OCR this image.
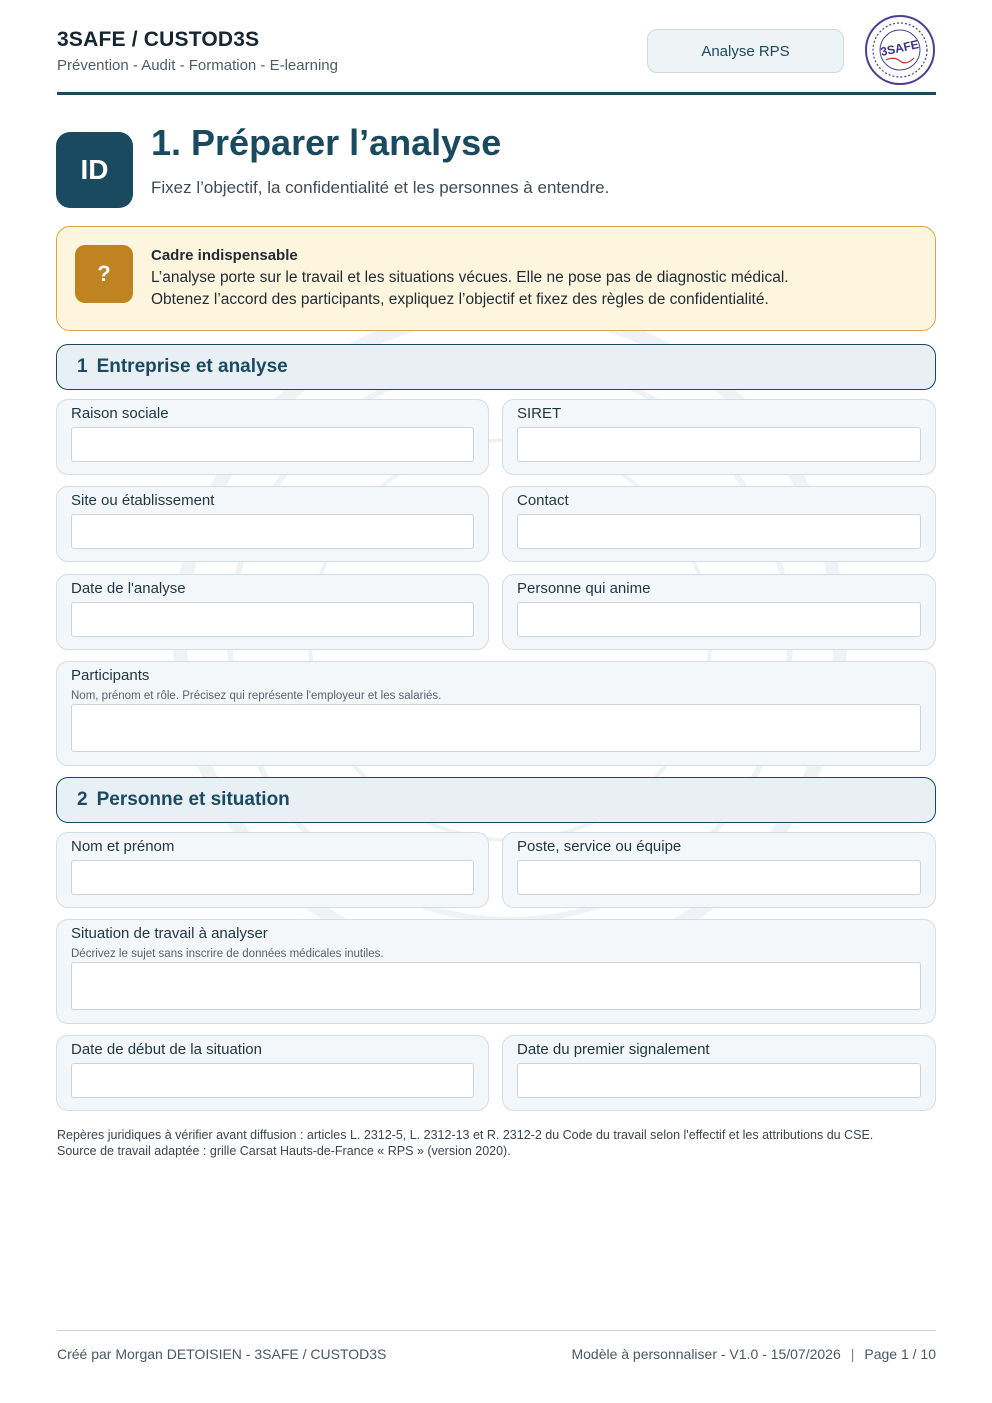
3SAFE / CUSTOD3S
Prévention - Audit - Formation - E-learning
Analyse RPS	3SAFE
ID
1. Préparer l’analyse
Fixez l’objectif, la confidentialité et les personnes à entendre.
?
Cadre indispensable
L’analyse porte sur le travail et les situations vécues. Elle ne pose pas de diagnostic médical.
Obtenez l’accord des participants, expliquez l’objectif et fixez des règles de confidentialité.
1 Entreprise et analyse
Raison sociale	SIRET
Site ou établissement	Contact
Date de l'analyse	Personne qui anime
Participants
Nom, prénom et rôle. Précisez qui représente l'employeur et les salariés.
2 Personne et situation
Nom et prénom	Poste, service ou équipe
Situation de travail à analyser
Décrivez le sujet sans inscrire de données médicales inutiles.
Date de début de la situation	Date du premier signalement
Repères juridiques à vérifier avant diffusion : articles L. 2312-5, L. 2312-13 et R. 2312-2 du Code du travail selon l'effectif et les attributions du CSE.
Source de travail adaptée : grille Carsat Hauts-de-France « RPS » (version 2020).
Créé par Morgan DETOISIEN - 3SAFE / CUSTOD3S	Modèle à personnaliser - V1.0 - 15/07/2026 | Page 1 / 10
